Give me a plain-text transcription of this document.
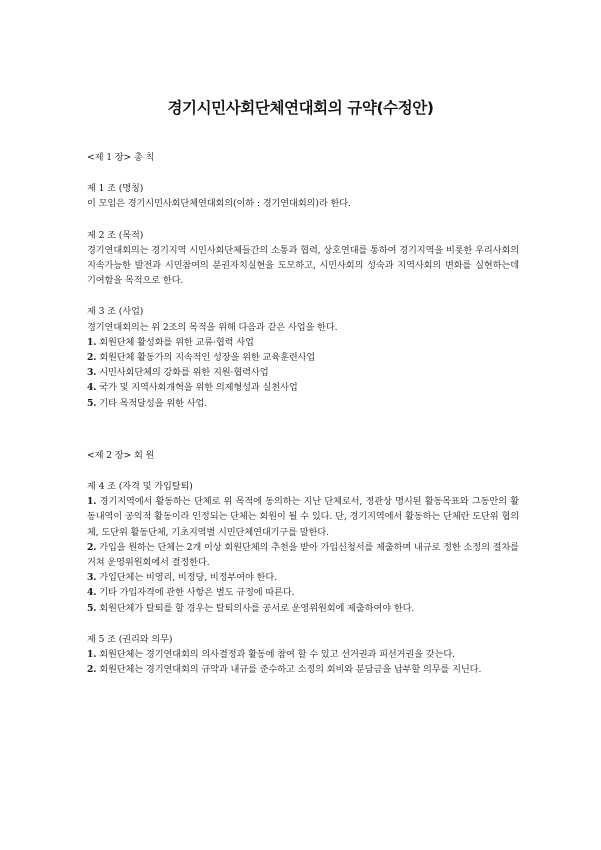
경기시민사회단체연대회의 규약(수정안)

<제 1 장> 총 칙

제 1 조 (명칭)

이 모임은 경기시민사회단체연대회의(이하 : 경기연대회의)라 한다.

제 2 조 (목적)

경기연대회의는 경기지역 시민사회단체들간의 소통과 협력, 상호연대를 통하여 경기지역을 비롯한 우리사회의 지속가능한 발전과 시민참여의 분권자치실현을 도모하고, 시민사회의 성숙과 지역사회의 변화를 실현하는데 기여함을 목적으로 한다.

제 3 조 (사업)

경기연대회의는 위 2조의 목적을 위해 다음과 같은 사업을 한다.

1. 회원단체 활성화를 위한 교류·협력 사업

2. 회원단체 활동가의 지속적인 성장을 위한 교육훈련사업

3. 시민사회단체의 강화를 위한 지원·협력사업

4. 국가 및 지역사회개혁을 위한 의제형성과 실천사업

5. 기타 목적달성을 위한 사업.

<제 2 장> 회 원

제 4 조 (자격 및 가입탈퇴)

1. 경기지역에서 활동하는 단체로 위 목적에 동의하는 지난 단체로서, 정관상 명시된 활동목표와 그동안의 활동내역이 공익적 활동이라 인정되는 단체는 회원이 될 수 있다. 단, 경기지역에서 활동하는 단체란 도단위 협의체, 도단위 활동단체, 기초지역별 시민단체연대기구를 말한다.

2. 가입을 원하는 단체는 2개 이상 회원단체의 추천을 받아 가입신청서를 제출하며 내규로 정한 소정의 절차를 거쳐 운영위원회에서 결정한다.

3. 가입단체는 비영리, 비정당, 비정부여야 한다.

4. 기타 가입자격에 관한 사항은 별도 규정에 따른다.

5. 회원단체가 탈퇴를 할 경우는 탈퇴의사를 공서로 운영위원회에 제출하여야 한다.

제 5 조 (권리와 의무)

1. 회원단체는 경기연대회의 의사결정과 활동에 참여 할 수 있고 선거권과 피선거권을 갖는다.

2. 회원단체는 경기연대회의 규약과 내규를 준수하고 소정의 회비와 분담금을 납부할 의무를 지닌다.
